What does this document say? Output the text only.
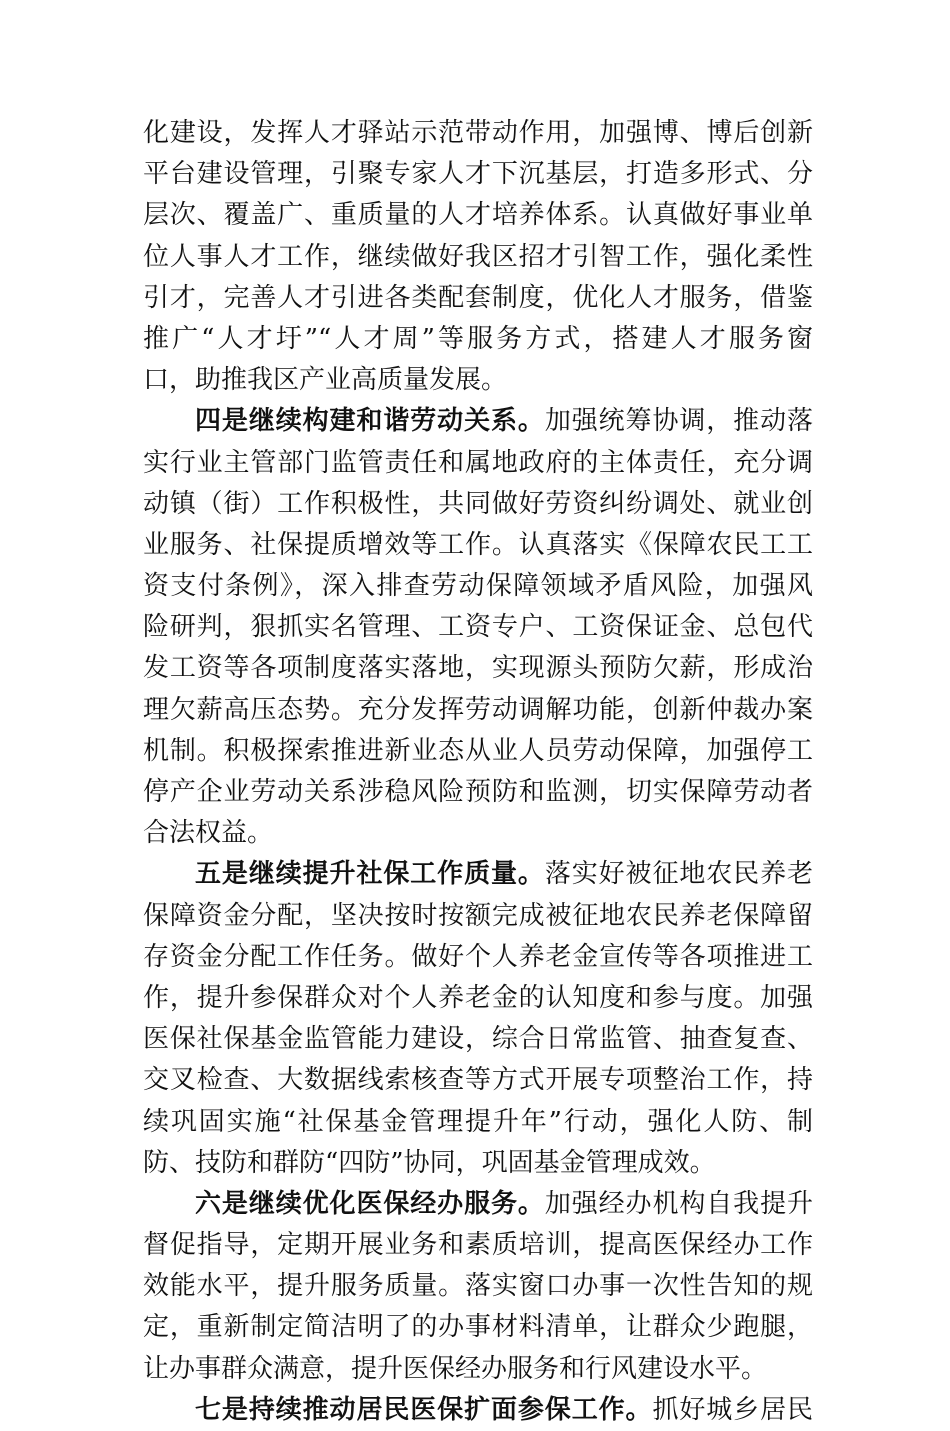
化建设，发挥人才驿站示范带动作用，加强博、博后创新
平台建设管理，引聚专家人才下沉基层，打造多形式、分
层次、覆盖广、重质量的人才培养体系。认真做好事业单
位人事人才工作，继续做好我区招才引智工作，强化柔性
引才，完善人才引进各类配套制度，优化人才服务，借鉴
推广“人才圩”“人才周”等服务方式，搭建人才服务窗
口，助推我区产业高质量发展。
四是继续构建和谐劳动关系。加强统筹协调，推动落
实行业主管部门监管责任和属地政府的主体责任，充分调
动镇（街）工作积极性，共同做好劳资纠纷调处、就业创
业服务、社保提质增效等工作。认真落实《保障农民工工
资支付条例》，深入排查劳动保障领域矛盾风险，加强风
险研判，狠抓实名管理、工资专户、工资保证金、总包代
发工资等各项制度落实落地，实现源头预防欠薪，形成治
理欠薪高压态势。充分发挥劳动调解功能，创新仲裁办案
机制。积极探索推进新业态从业人员劳动保障，加强停工
停产企业劳动关系涉稳风险预防和监测，切实保障劳动者
合法权益。
五是继续提升社保工作质量。落实好被征地农民养老
保障资金分配，坚决按时按额完成被征地农民养老保障留
存资金分配工作任务。做好个人养老金宣传等各项推进工
作，提升参保群众对个人养老金的认知度和参与度。加强
医保社保基金监管能力建设，综合日常监管、抽查复查、
交叉检查、大数据线索核查等方式开展专项整治工作，持
续巩固实施“社保基金管理提升年”行动，强化人防、制
防、技防和群防“四防”协同，巩固基金管理成效。
六是继续优化医保经办服务。加强经办机构自我提升
督促指导，定期开展业务和素质培训，提高医保经办工作
效能水平，提升服务质量。落实窗口办事一次性告知的规
定，重新制定简洁明了的办事材料清单，让群众少跑腿，
让办事群众满意，提升医保经办服务和行风建设水平。
七是持续推动居民医保扩面参保工作。抓好城乡居民
